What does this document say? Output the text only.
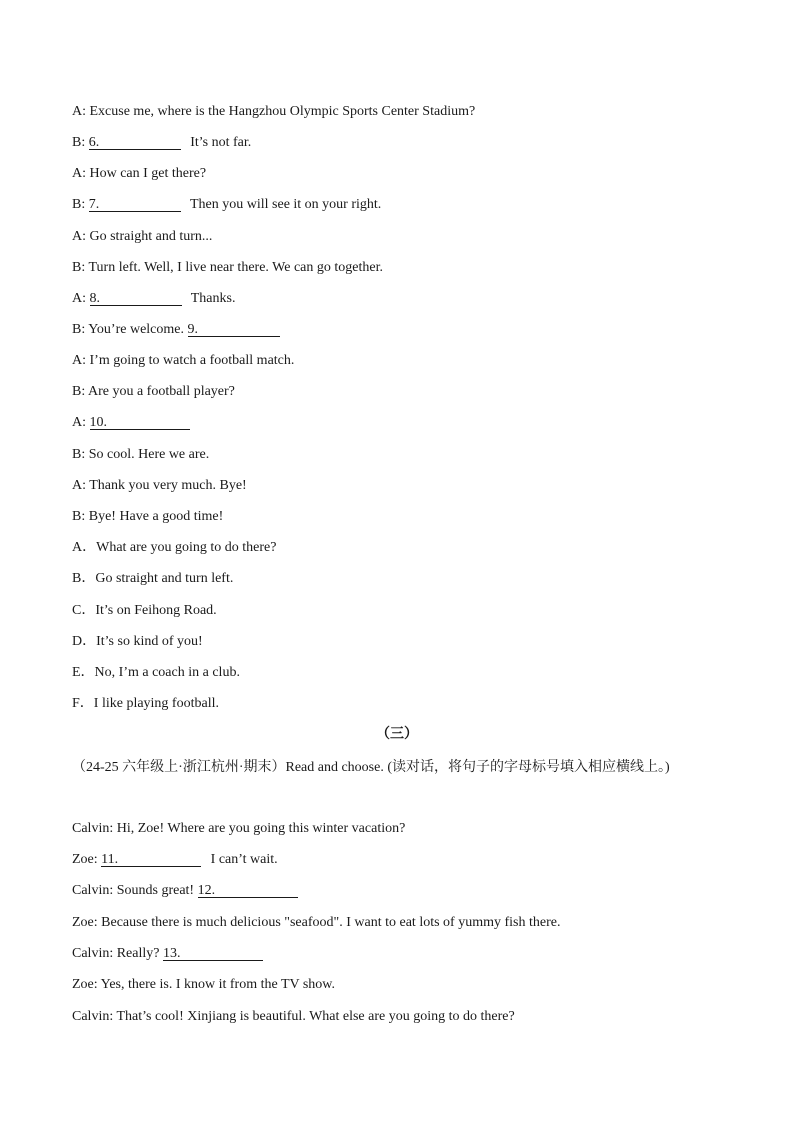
A: Excuse me, where is the Hangzhou Olympic Sports Center Stadium?
B: 6.	It’s not far.
A: How can I get there?
B: 7.	Then you will see it on your right.
A: Go straight and turn...
B: Turn left. Well, I live near there. We can go together.
A: 8.	Thanks.
B: You’re welcome. 9.
A: I’m going to watch a football match.
B: Are you a football player?
A: 10.
B: So cool. Here we are.
A: Thank you very much. Bye!
B: Bye! Have a good time!
A．What are you going to do there?
B．Go straight and turn left.
C．It’s on Feihong Road.
D．It’s so kind of you!
E．No, I’m a coach in a club.
F．I like playing football.
（三）
（24-25 六年级上·浙江杭州·期末）Read and choose. (读对话，将句子的字母标号填入相应横线上。)
Calvin: Hi, Zoe! Where are you going this winter vacation?
Zoe: 11.	I can’t wait.
Calvin: Sounds great! 12.
Zoe: Because there is much delicious "seafood". I want to eat lots of yummy fish there.
Calvin: Really? 13.
Zoe: Yes, there is. I know it from the TV show.
Calvin: That’s cool! Xinjiang is beautiful. What else are you going to do there?
